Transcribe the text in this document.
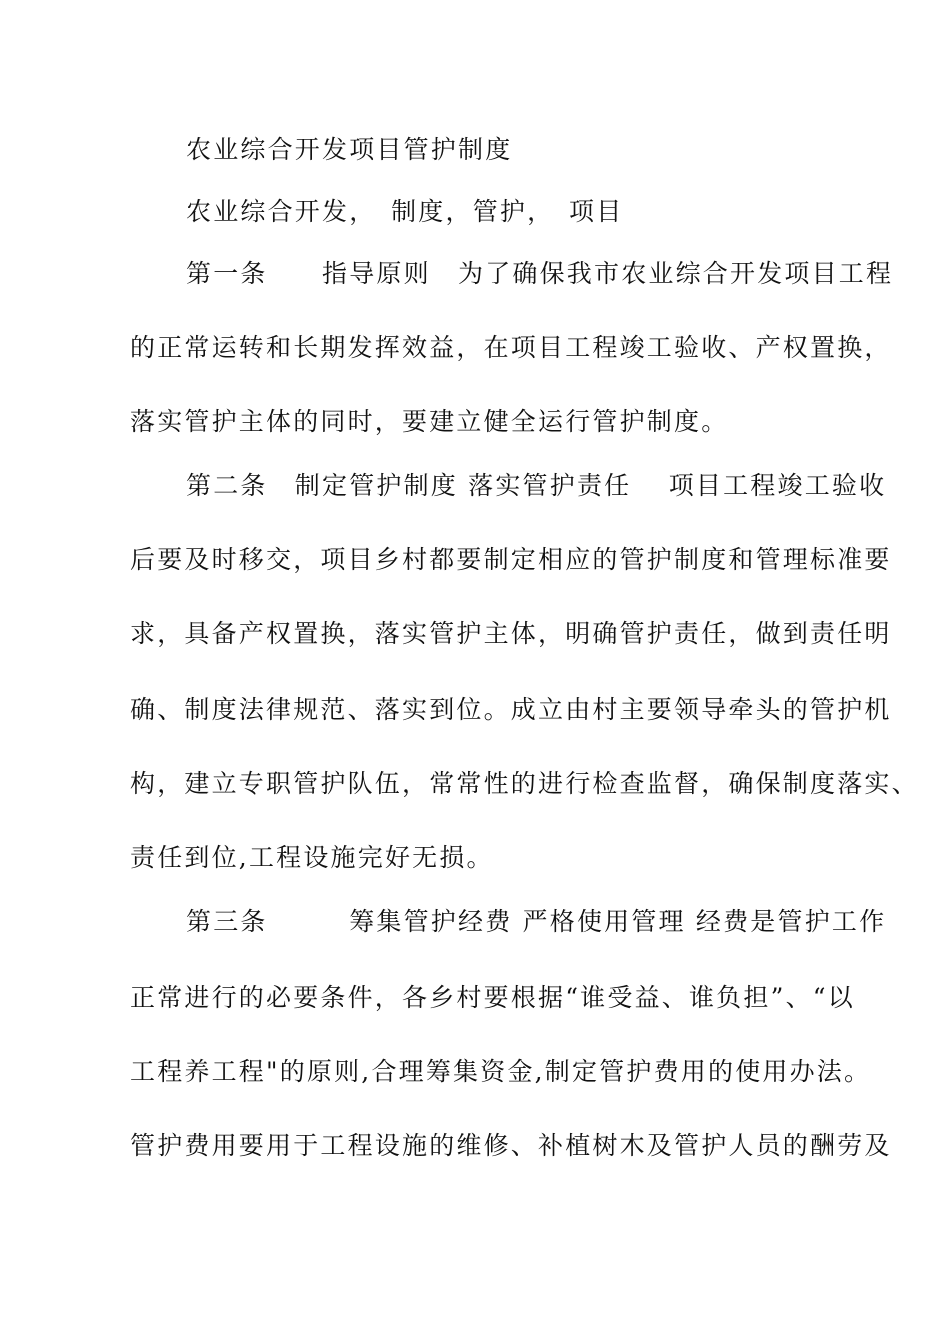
农业综合开发项目管护制度
农业综合开发，　制度，管护，　项目
第一条　　指导原则　为了确保我市农业综合开发项目工程
的正常运转和长期发挥效益，在项目工程竣工验收、产权置换，
落实管护主体的同时，要建立健全运行管护制度。
第二条　制定管护制度 落实管护责任　 项目工程竣工验收
后要及时移交，项目乡村都要制定相应的管护制度和管理标准要
求，具备产权置换，落实管护主体，明确管护责任，做到责任明
确、制度法律规范、落实到位。成立由村主要领导牵头的管护机
构，建立专职管护队伍，常常性的进行检查监督，确保制度落实、
责任到位,工程设施完好无损。
第三条　　　筹集管护经费 严格使用管理 经费是管护工作
正常进行的必要条件，各乡村要根据“谁受益、谁负担”、“以
工程养工程"的原则,合理筹集资金,制定管护费用的使用办法。
管护费用要用于工程设施的维修、补植树木及管护人员的酬劳及
